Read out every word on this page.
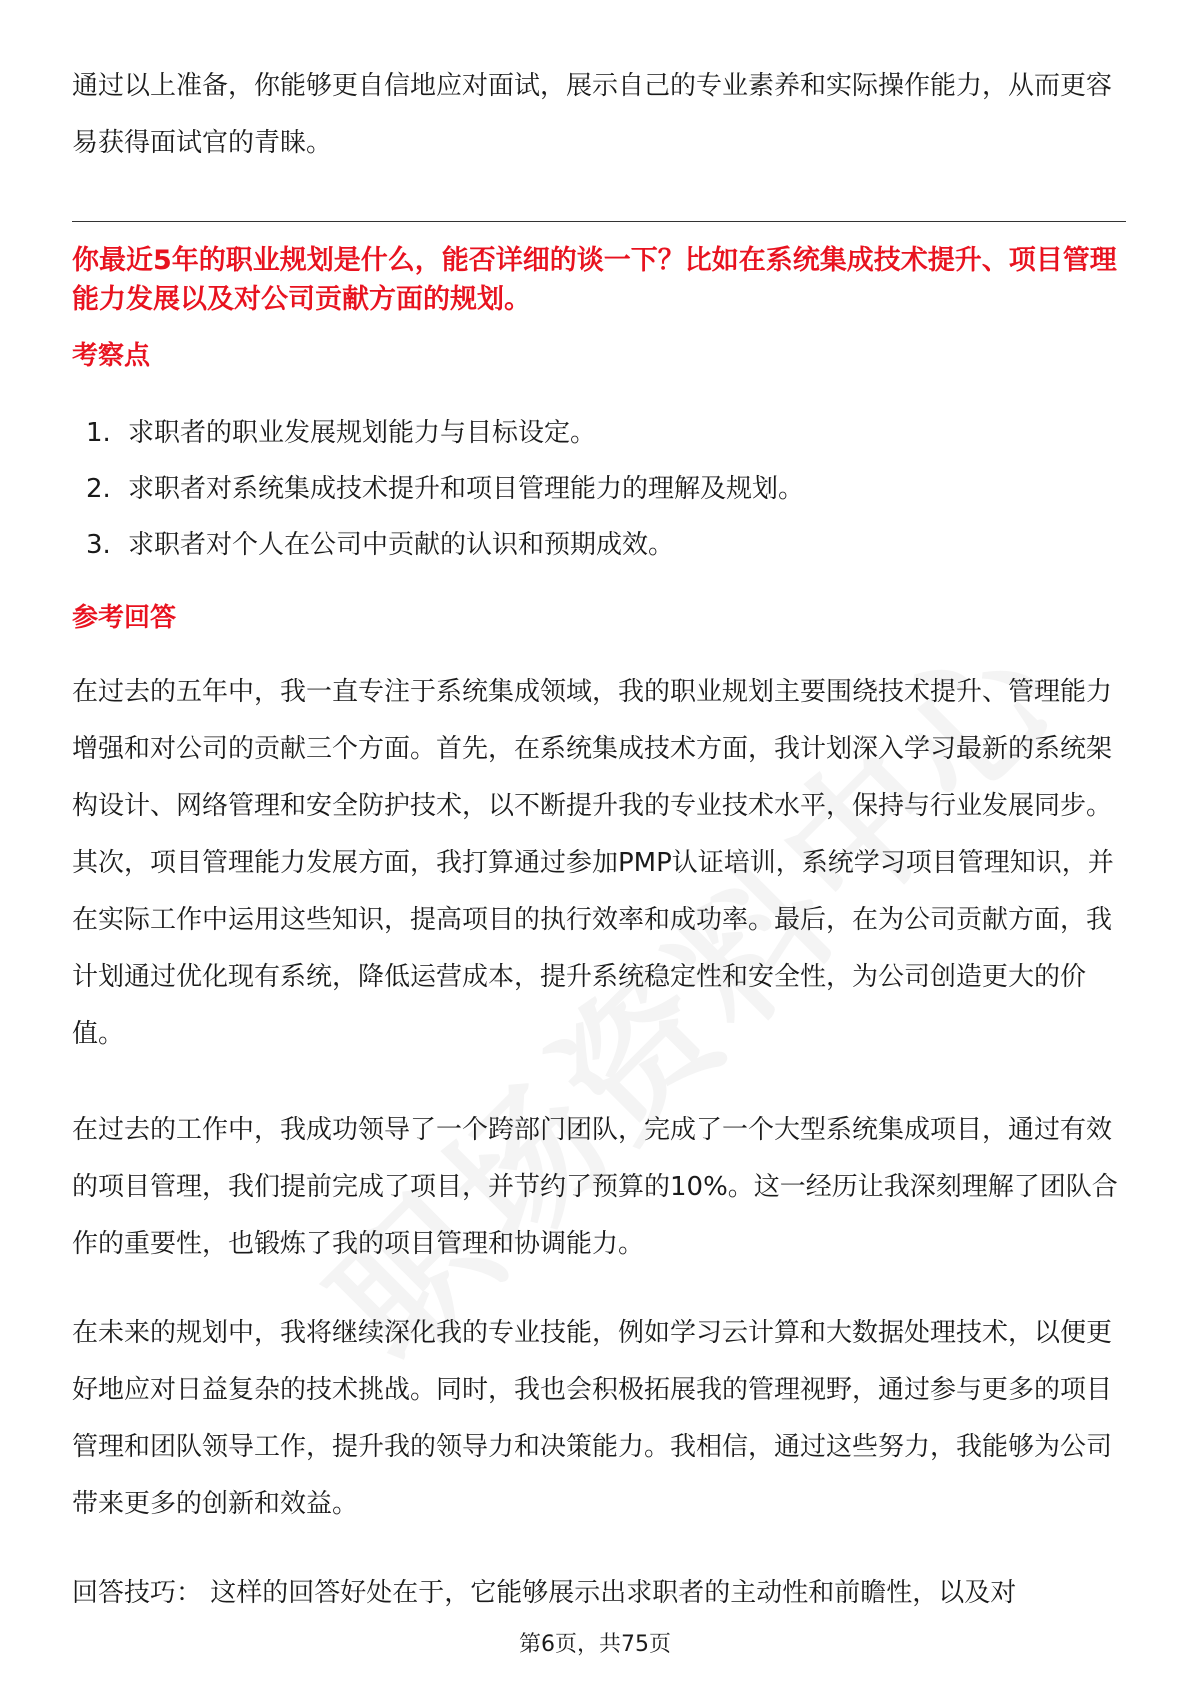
通过以上准备，你能够更自信地应对面试，展示自己的专业素养和实际操作能力，从而更容易获得面试官的青睐。

你最近5年的职业规划是什么，能否详细的谈一下？比如在系统集成技术提升、项目管理能力发展以及对公司贡献方面的规划。

考察点
1. 求职者的职业发展规划能力与目标设定。
2. 求职者对系统集成技术提升和项目管理能力的理解及规划。
3. 求职者对个人在公司中贡献的认识和预期成效。
参考回答

在过去的五年中，我一直专注于系统集成领域，我的职业规划主要围绕技术提升、管理能力增强和对公司的贡献三个方面。首先，在系统集成技术方面，我计划深入学习最新的系统架构设计、网络管理和安全防护技术，以不断提升我的专业技术水平，保持与行业发展同步。其次，项目管理能力发展方面，我打算通过参加PMP认证培训，系统学习项目管理知识，并在实际工作中运用这些知识，提高项目的执行效率和成功率。最后，在为公司贡献方面，我计划通过优化现有系统，降低运营成本，提升系统稳定性和安全性，为公司创造更大的价值。

在过去的工作中，我成功领导了一个跨部门团队，完成了一个大型系统集成项目，通过有效的项目管理，我们提前完成了项目，并节约了预算的10%。这一经历让我深刻理解了团队合作的重要性，也锻炼了我的项目管理和协调能力。

在未来的规划中，我将继续深化我的专业技能，例如学习云计算和大数据处理技术，以便更好地应对日益复杂的技术挑战。同时，我也会积极拓展我的管理视野，通过参与更多的项目管理和团队领导工作，提升我的领导力和决策能力。我相信，通过这些努力，我能够为公司带来更多的创新和效益。

回答技巧： 这样的回答好处在于，它能够展示出求职者的主动性和前瞻性，以及对

第6页，共75页
